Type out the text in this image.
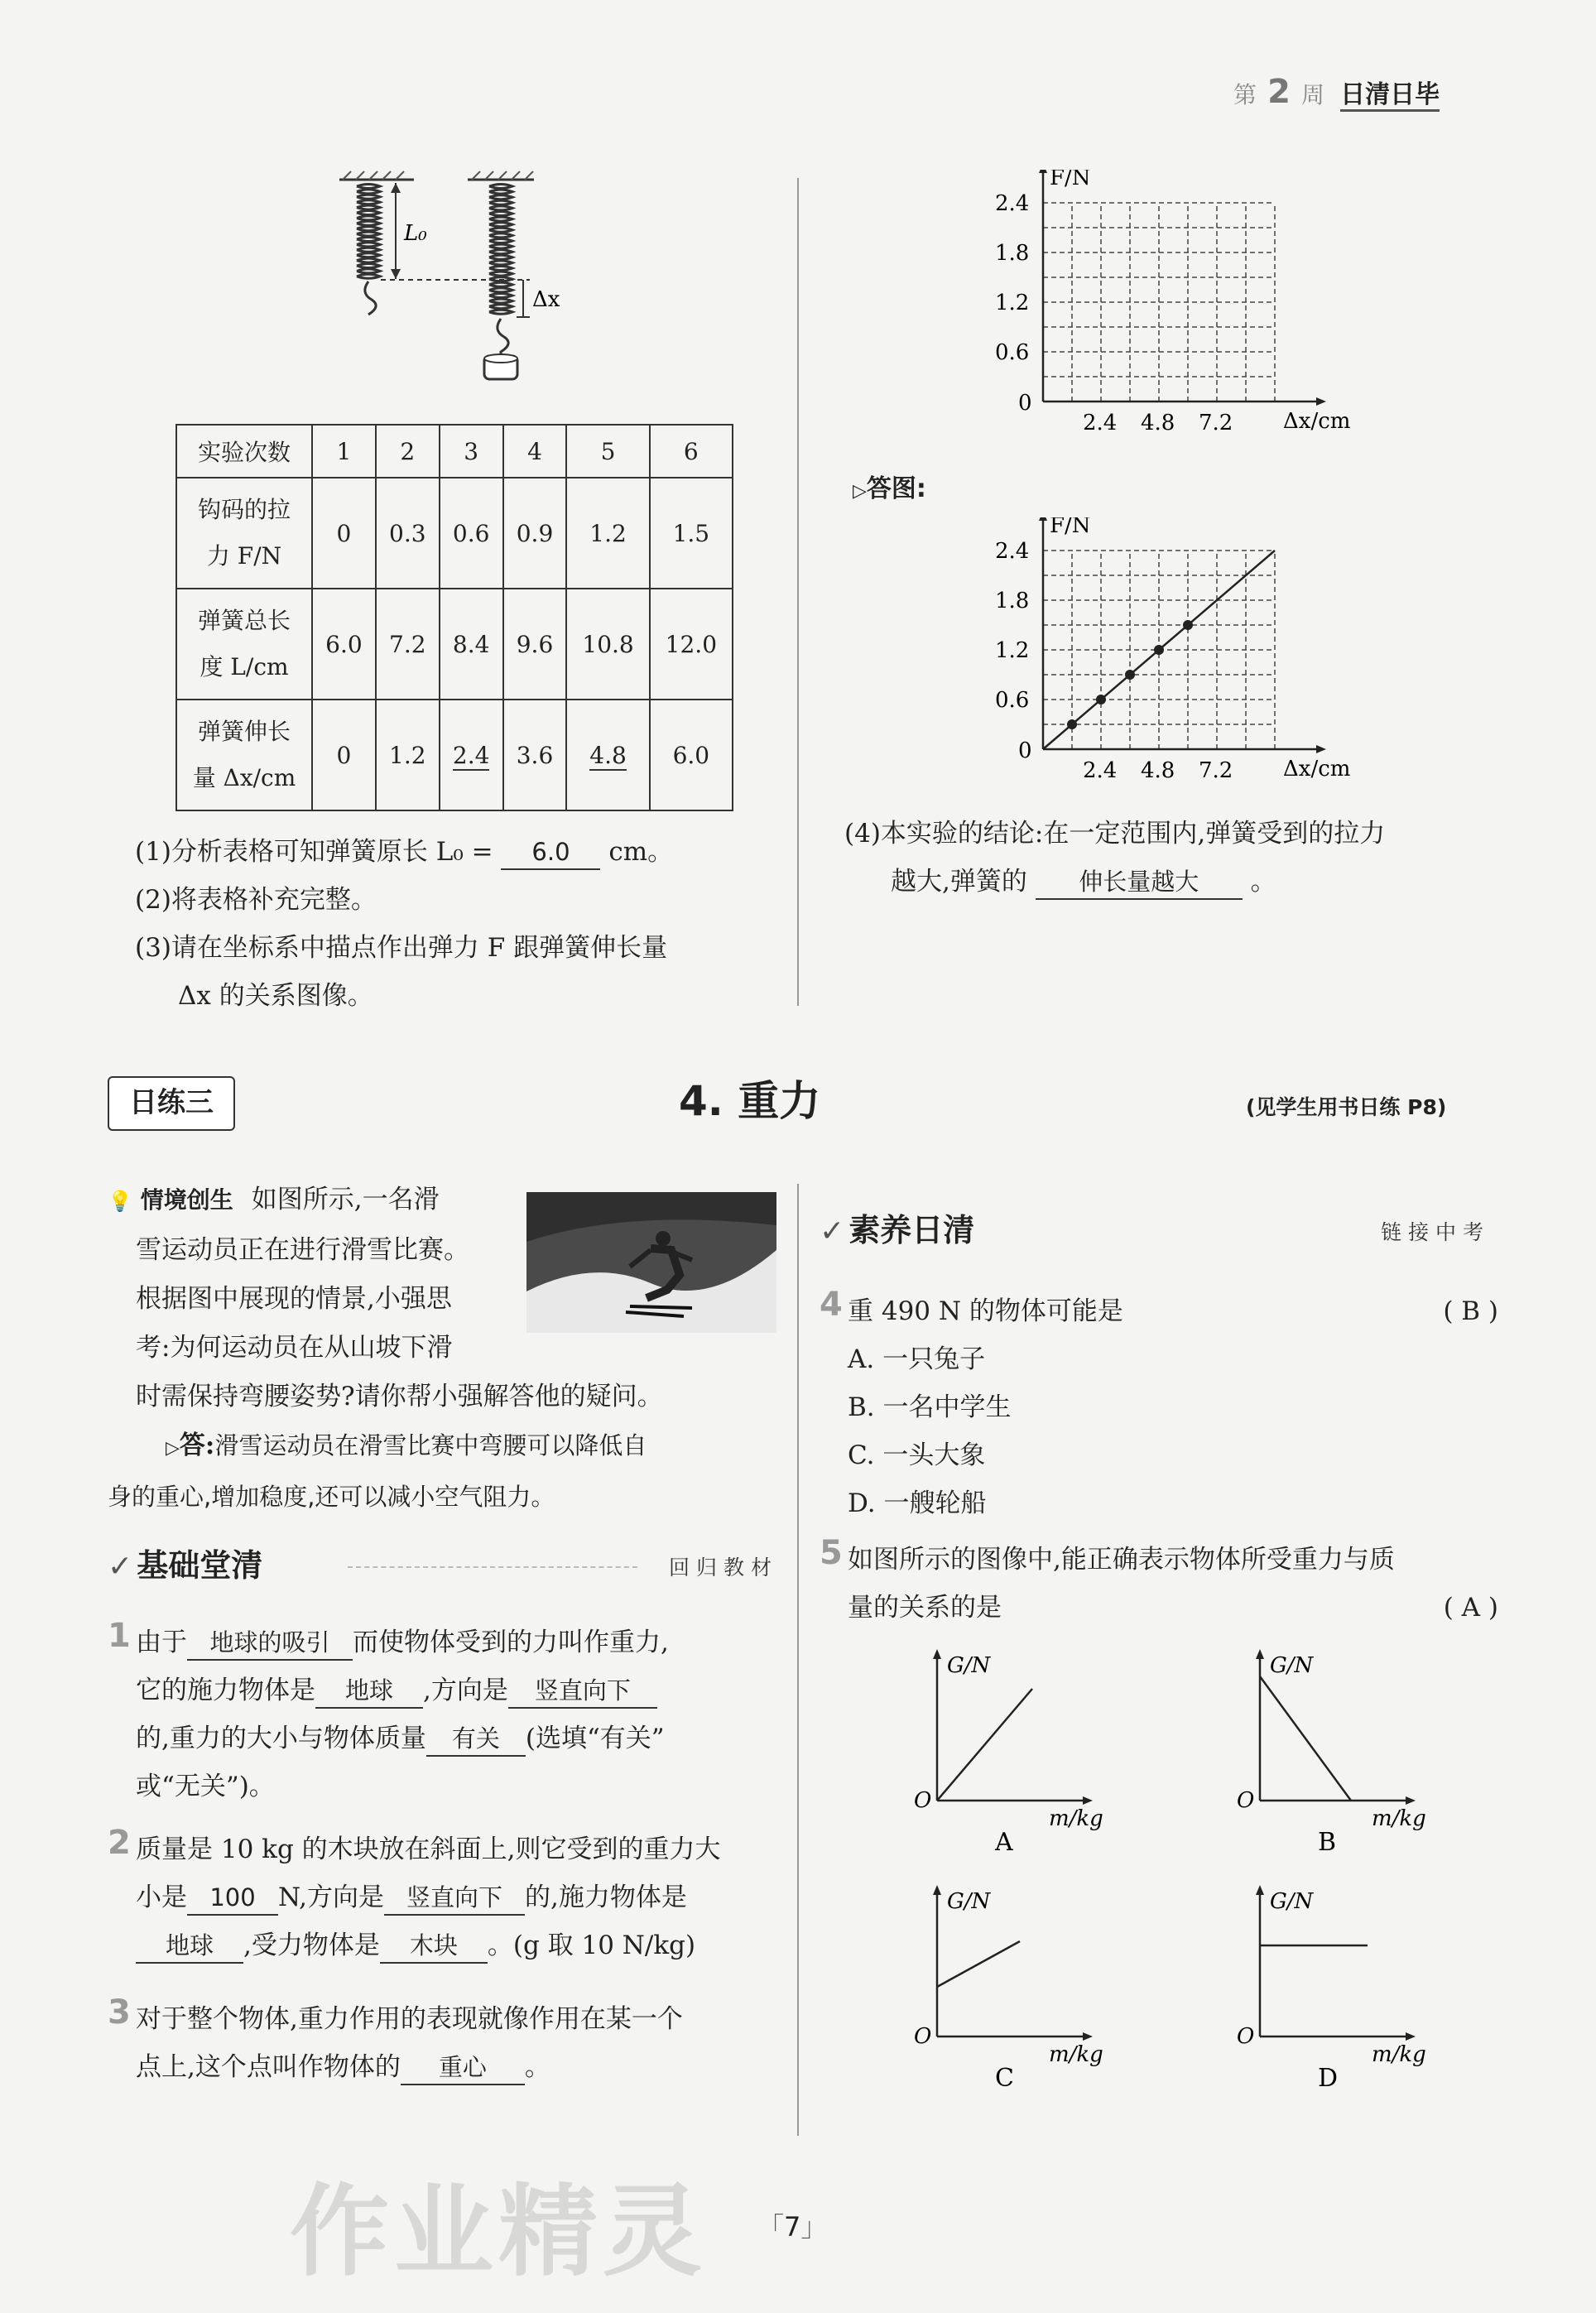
第 2 周 日清日毕
L₀
Δx
实验次数	1	2	3	4	5	6
钩码的拉
力 F/N	0	0.3	0.6	0.9	1.2	1.5
弹簧总长
度 L/cm	6.0	7.2	8.4	9.6	10.8	12.0
弹簧伸长
量 Δx/cm	0	1.2	2.4	3.6	4.8	6.0
(1)分析表格可知弹簧原长 L₀ = 6.0 cm。
(2)将表格补充完整。
(3)请在坐标系中描点作出弹力 F 跟弹簧伸长量
Δx 的关系图像。
F/N
Δx/cm
0
2.4 4.8 7.2
0.6
1.2
1.8
2.4
▷答图:
F/N
Δx/cm
0
2.4 4.8 7.2
0.6
1.2
1.8
2.4
(4)本实验的结论:在一定范围内,弹簧受到的拉力
越大,弹簧的 伸长量越大 。
日练三	4. 重力	(见学生用书日练 P8)
💡 情境创生 如图所示,一名滑
雪运动员正在进行滑雪比赛。
根据图中展现的情景,小强思
考:为何运动员在从山坡下滑
时需保持弯腰姿势?请你帮小强解答他的疑问。
▷答:滑雪运动员在滑雪比赛中弯腰可以降低自
身的重心,增加稳度,还可以减小空气阻力。
✓ 基础堂清	回归教材
1 由于 地球的吸引 而使物体受到的力叫作重力,
它的施力物体是 地球 ,方向是 竖直向下
的,重力的大小与物体质量 有关 (选填“有关”
或“无关”)。
2 质量是 10 kg 的木块放在斜面上,则它受到的重力大
小是 100 N,方向是 竖直向下 的,施力物体是
地球 ,受力物体是 木块 。(g 取 10 N/kg)
3 对于整个物体,重力作用的表现就像作用在某一个
点上,这个点叫作物体的 重心 。
✓ 素养日清	链接中考
4 重 490 N 的物体可能是	( B )

A. 一只兔子
B. 一名中学生
C. 一头大象
D. 一艘轮船
5 如图所示的图像中,能正确表示物体所受重力与质
量的关系的是	( A )
G/N
m/kg
O
A
G/N
m/kg
O
B
G/N
m/kg
O
C
G/N
m/kg
O
D
「7」
作业精灵
